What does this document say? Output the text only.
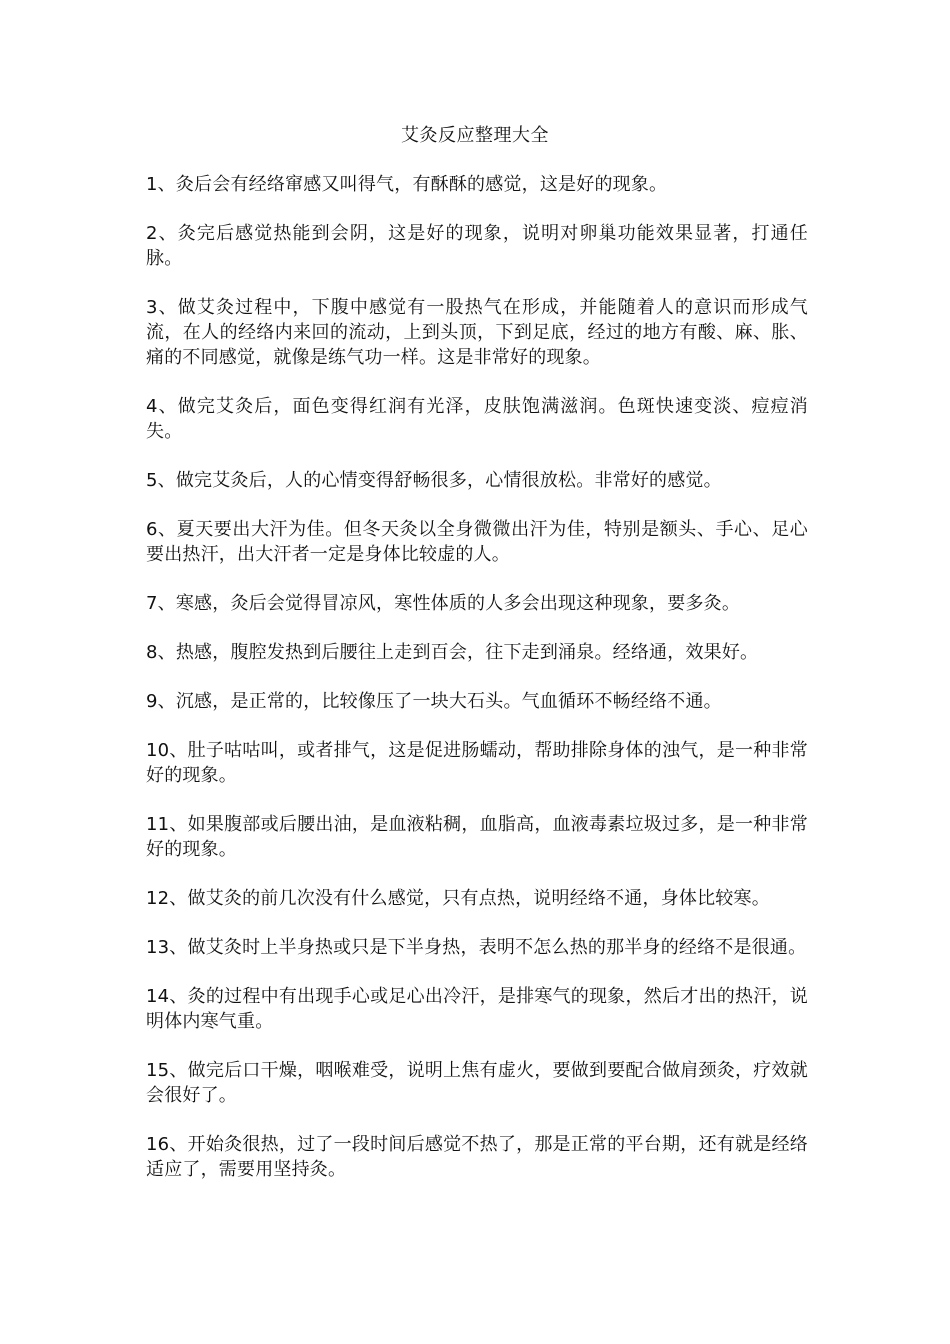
艾灸反应整理大全
1、灸后会有经络窜感又叫得气，有酥酥的感觉，这是好的现象。
2、灸完后感觉热能到会阴，这是好的现象，说明对卵巢功能效果显著，打通任脉。
3、做艾灸过程中，下腹中感觉有一股热气在形成，并能随着人的意识而形成气流，在人的经络内来回的流动，上到头顶，下到足底，经过的地方有酸、麻、胀、痛的不同感觉，就像是练气功一样。这是非常好的现象。
4、做完艾灸后，面色变得红润有光泽，皮肤饱满滋润。色斑快速变淡、痘痘消失。
5、做完艾灸后，人的心情变得舒畅很多，心情很放松。非常好的感觉。
6、夏天要出大汗为佳。但冬天灸以全身微微出汗为佳，特别是额头、手心、足心要出热汗，出大汗者一定是身体比较虚的人。
7、寒感，灸后会觉得冒凉风，寒性体质的人多会出现这种现象，要多灸。
8、热感，腹腔发热到后腰往上走到百会，往下走到涌泉。经络通，效果好。
9、沉感，是正常的，比较像压了一块大石头。气血循环不畅经络不通。
10、肚子咕咕叫，或者排气，这是促进肠蠕动，帮助排除身体的浊气，是一种非常好的现象。
11、如果腹部或后腰出油，是血液粘稠，血脂高，血液毒素垃圾过多，是一种非常好的现象。
12、做艾灸的前几次没有什么感觉，只有点热，说明经络不通，身体比较寒。
13、做艾灸时上半身热或只是下半身热，表明不怎么热的那半身的经络不是很通。
14、灸的过程中有出现手心或足心出冷汗，是排寒气的现象，然后才出的热汗，说明体内寒气重。
15、做完后口干燥，咽喉难受，说明上焦有虚火，要做到要配合做肩颈灸，疗效就会很好了。
16、开始灸很热，过了一段时间后感觉不热了，那是正常的平台期，还有就是经络适应了，需要用坚持灸。
